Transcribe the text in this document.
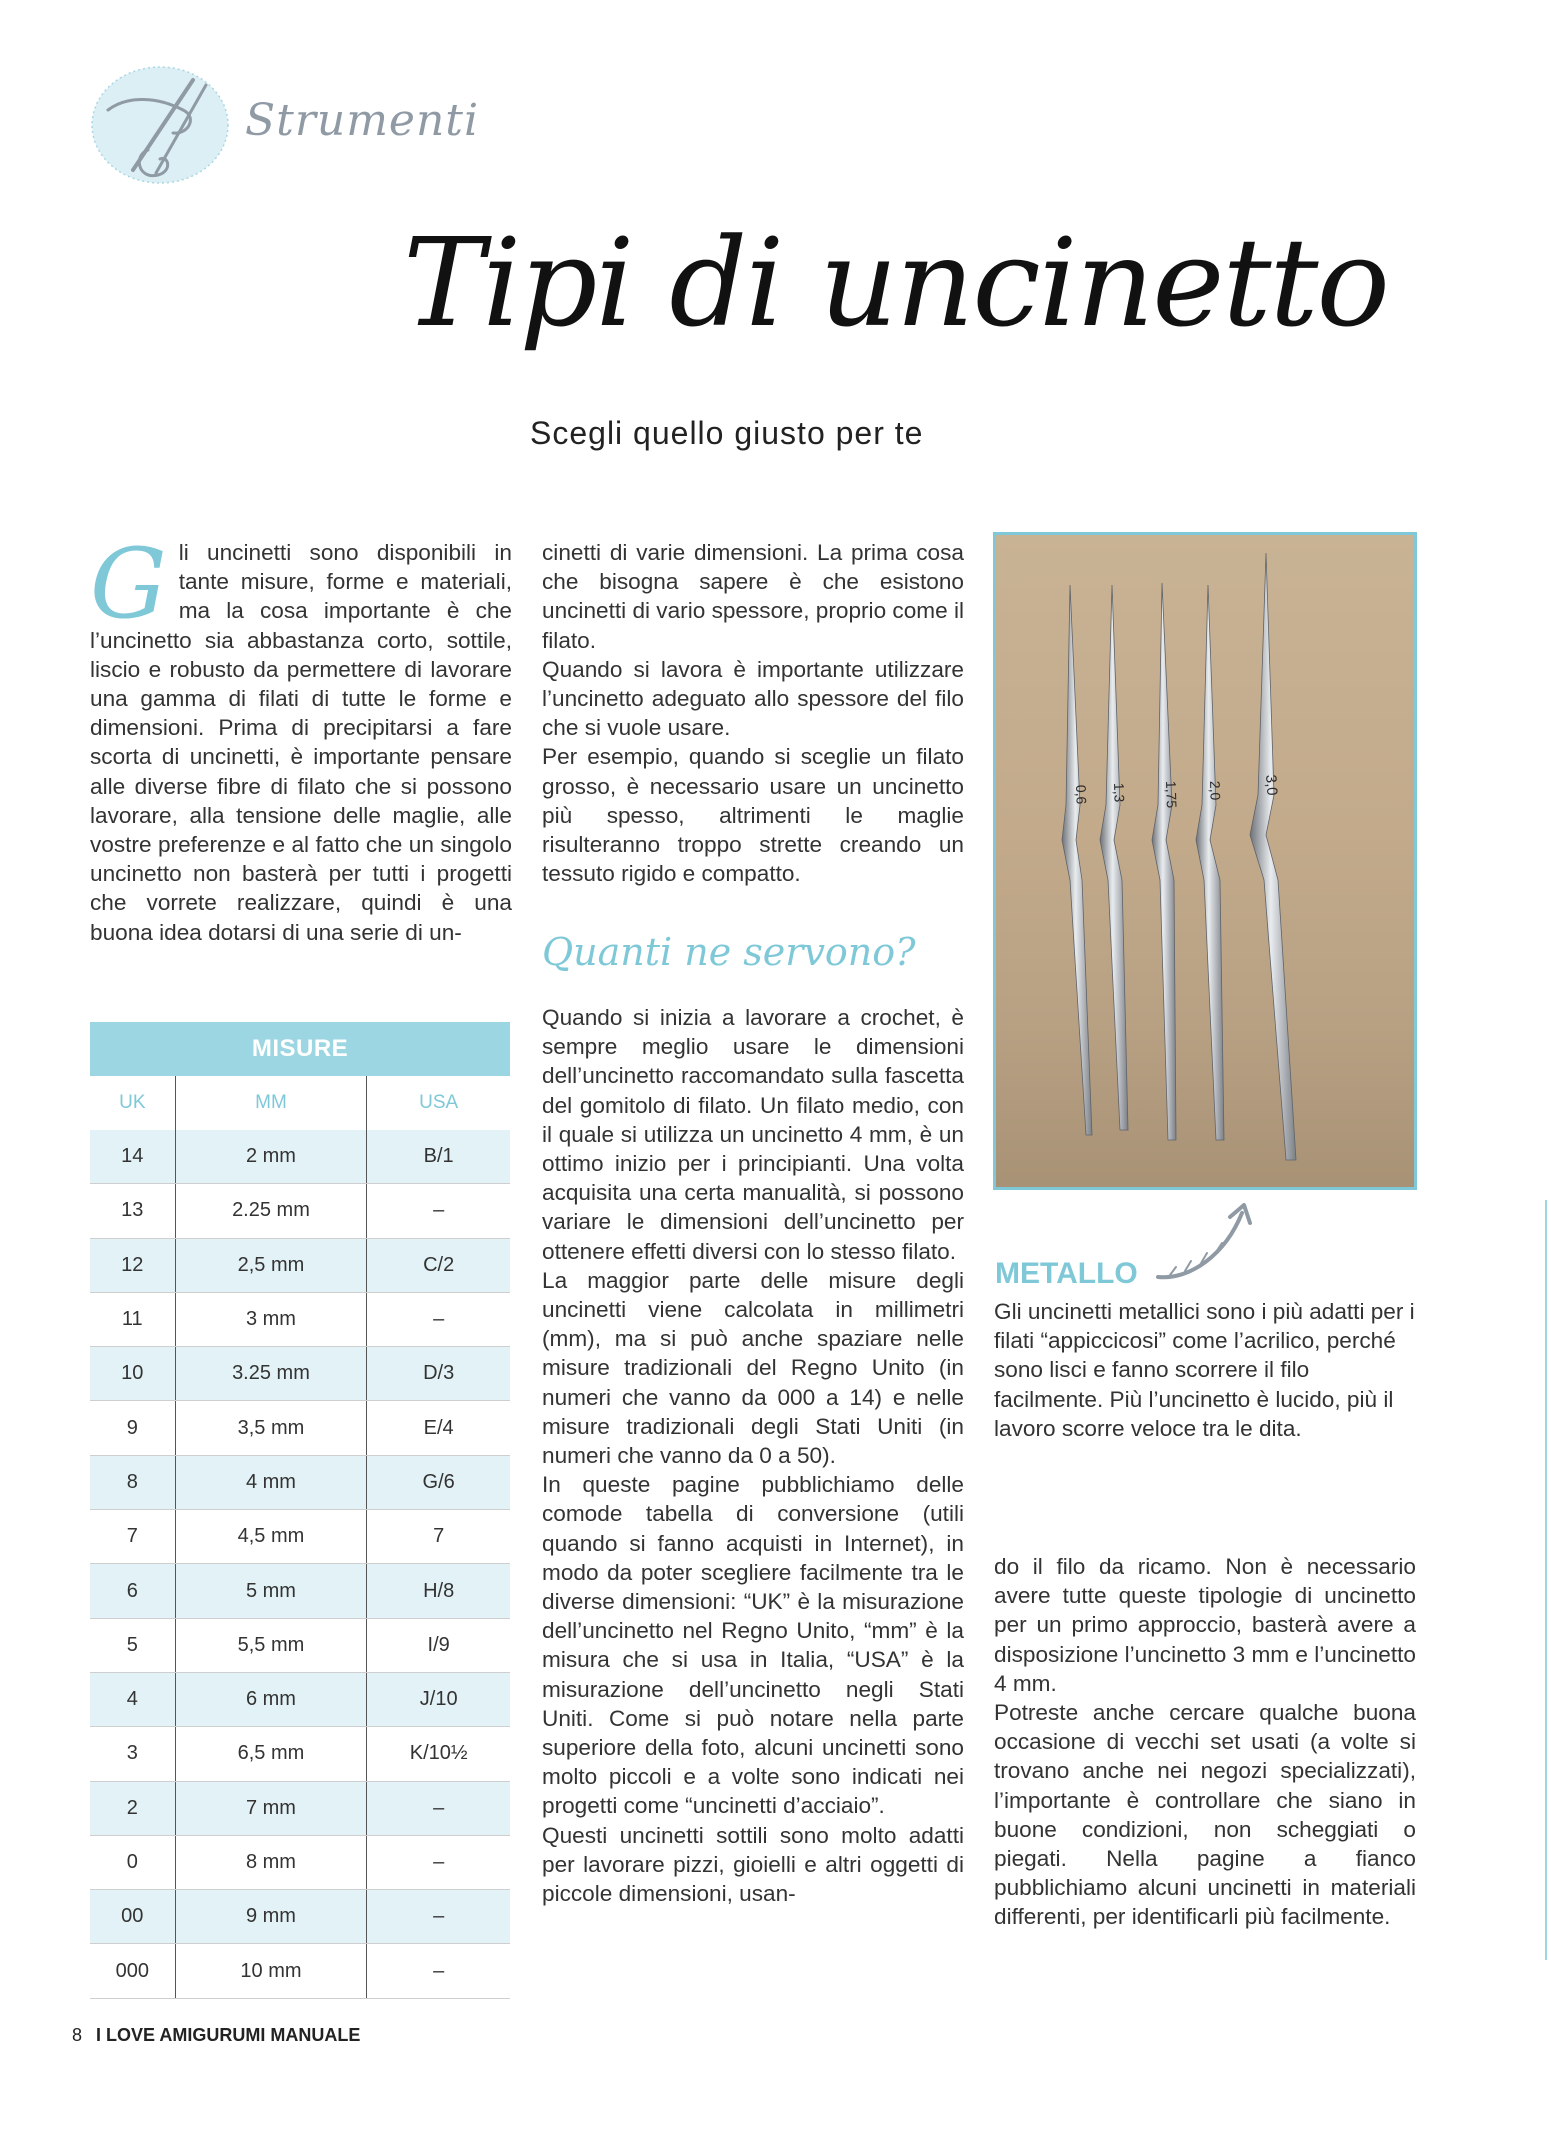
Strumenti
Tipi di uncinetto
Scegli quello giusto per te
G li uncinetti sono disponibili in tante misure, forme e materiali, ma la cosa importante è che l’uncinetto sia abbastanza corto, sottile, liscio e robusto da permettere di lavorare una gamma di filati di tutte le forme e dimensioni. Prima di precipitarsi a fare scorta di uncinetti, è importante pensare alle diverse fibre di filato che si possono lavorare, alla tensione delle maglie, alle vostre preferenze e al fatto che un singolo uncinetto non basterà per tutti i progetti che vorrete realizzare, quindi è una buona idea dotarsi di una serie di un-

cinetti di varie dimensioni. La prima cosa che bisogna sapere è che esistono uncinetti di vario spessore, proprio come il filato.

Quando si lavora è importante utilizzare l’uncinetto adeguato allo spessore del filo che si vuole usare.

Per esempio, quando si sceglie un filato grosso, è necessario usare un uncinetto più spesso, altrimenti le maglie risulteranno troppo strette creando un tessuto rigido e compatto.

Quanti ne servono?

Quando si inizia a lavorare a crochet, è sempre meglio usare le dimensioni dell’uncinetto raccomandato sulla fascetta del gomitolo di filato. Un filato medio, con il quale si utilizza un uncinetto 4 mm, è un ottimo inizio per i principianti. Una volta acquisita una certa manualità, si possono variare le dimensioni dell’uncinetto per ottenere effetti diversi con lo stesso filato.

La maggior parte delle misure degli uncinetti viene calcolata in millimetri (mm), ma si può anche spaziare nelle misure tradizionali del Regno Unito (in numeri che vanno da 000 a 14) e nelle misure tradizionali degli Stati Uniti (in numeri che vanno da 0 a 50).

In queste pagine pubblichiamo delle comode tabella di conversione (utili quando si fanno acquisti in Internet), in modo da poter scegliere facilmente tra le diverse dimensioni: “UK” è la misurazione dell’uncinetto nel Regno Unito, “mm” è la misura che si usa in Italia, “USA” è la misurazione dell’uncinetto negli Stati Uniti. Come si può notare nella parte superiore della foto, alcuni uncinetti sono molto piccoli e a volte sono indicati nei progetti come “uncinetti d’acciaio”.

Questi uncinetti sottili sono molto adatti per lavorare pizzi, gioielli e altri oggetti di piccole dimensioni, usan-

0,6 1,3	1,75 2,0	3,0
METALLO

Gli uncinetti metallici sono i più adatti per i filati “appiccicosi” come l’acrilico, perché sono lisci e fanno scorrere il filo facilmente. Più l’uncinetto è lucido, più il lavoro scorre veloce tra le dita.

do il filo da ricamo. Non è necessario avere tutte queste tipologie di uncinetto per un primo approccio, basterà avere a disposizione l’uncinetto 3 mm e l’uncinetto 4 mm.

Potreste anche cercare qualche buona occasione di vecchi set usati (a volte si trovano anche nei negozi specializzati), l’importante è controllare che siano in buone condizioni, non scheggiati o piegati. Nella pagine a fianco pubblichiamo alcuni uncinetti in materiali differenti, per identificarli più facilmente.

MISURE		
UK	MM	USA
14	2 mm	B/1
13	2.25 mm	–
12	2,5 mm	C/2
11	3 mm	–
10	3.25 mm	D/3
9	3,5 mm	E/4
8	4 mm	G/6
7	4,5 mm	7
6	5 mm	H/8
5	5,5 mm	I/9
4	6 mm	J/10
3	6,5 mm	K/10½
2	7 mm	–
0	8 mm	–
00	9 mm	–
000	10 mm	–
8 I LOVE AMIGURUMI MANUALE
